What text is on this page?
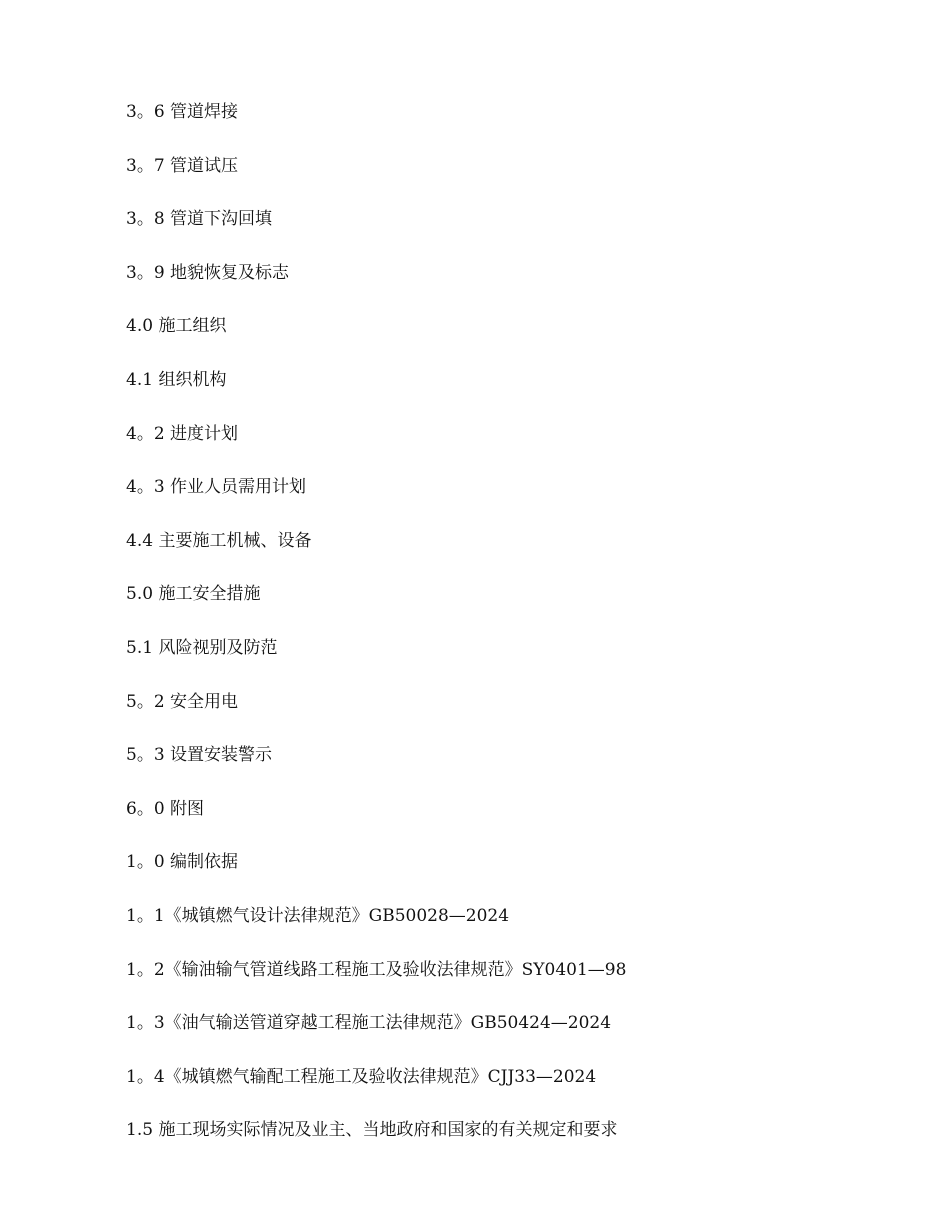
3。6 管道焊接
3。7 管道试压
3。8 管道下沟回填
3。9 地貌恢复及标志
4.0 施工组织
4.1 组织机构
4。2 进度计划
4。3 作业人员需用计划
4.4 主要施工机械、设备
5.0 施工安全措施
5.1 风险视别及防范
5。2 安全用电
5。3 设置安装警示
6。0 附图
1。0 编制依据
1。1《城镇燃气设计法律规范》GB50028—2024
1。2《输油输气管道线路工程施工及验收法律规范》SY0401—98
1。3《油气输送管道穿越工程施工法律规范》GB50424—2024
1。4《城镇燃气输配工程施工及验收法律规范》CJJ33—2024
1.5 施工现场实际情况及业主、当地政府和国家的有关规定和要求
